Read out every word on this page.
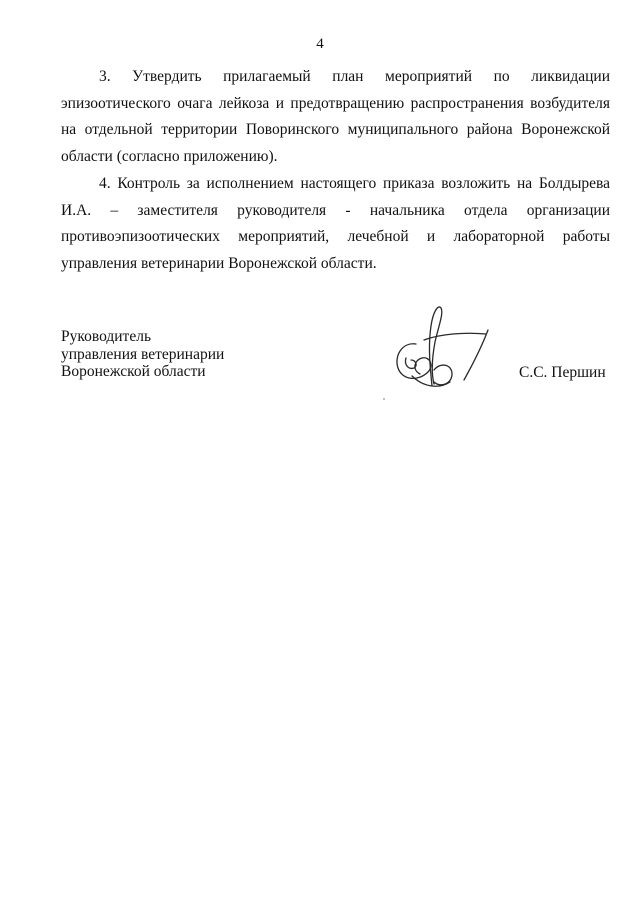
4

3. Утвердить прилагаемый план мероприятий по ликвидации эпизоотического очага лейкоза и предотвращению распространения возбудителя на отдельной территории Поворинского муниципального района Воронежской области (согласно приложению).

4. Контроль за исполнением настоящего приказа возложить на Болдырева И.А. – заместителя руководителя - начальника отдела организации противоэпизоотических мероприятий, лечебной и лабораторной работы управления ветеринарии Воронежской области.

Руководитель
управления ветеринарии
Воронежской области	С.С. Першин
